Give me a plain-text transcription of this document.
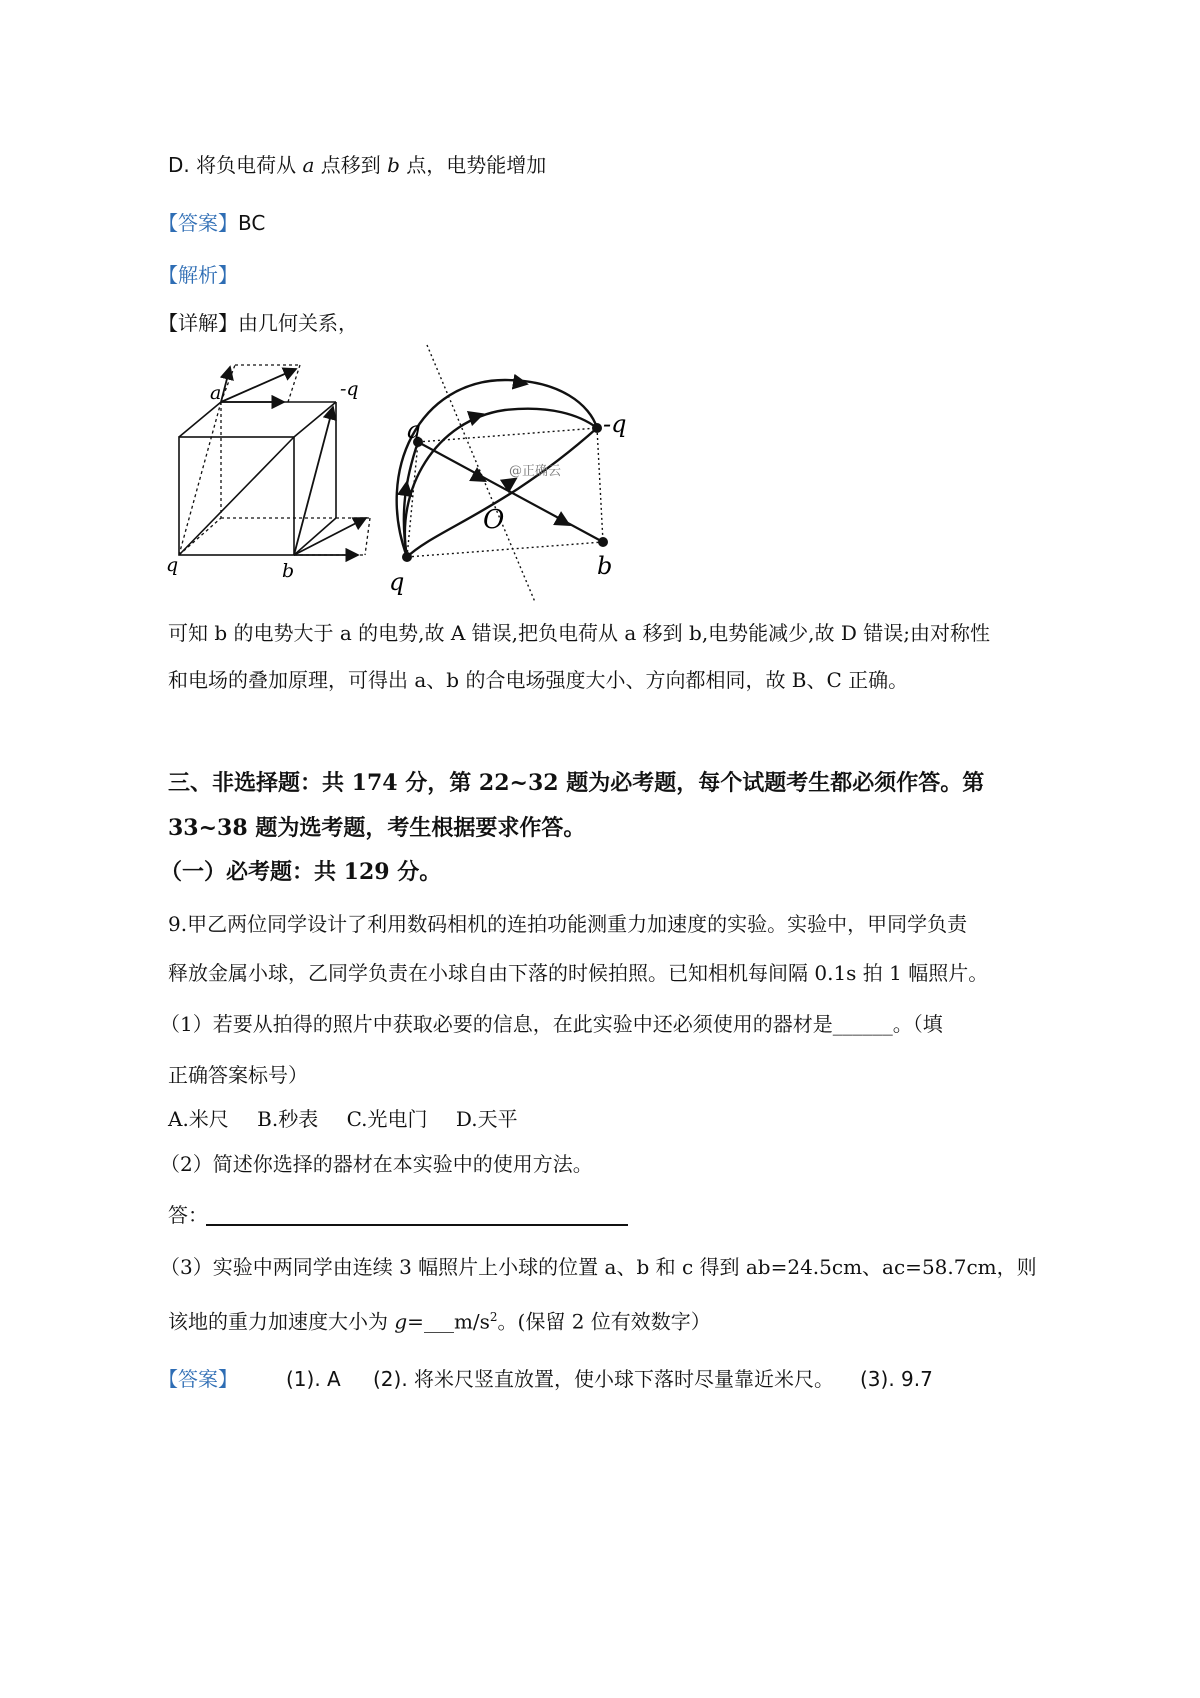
D. 将负电荷从 a 点移到 b 点，电势能增加
【答案】BC
【解析】
【详解】由几何关系，
a	-q
q	b
a	-q
O
q
b
@正确云
可知 b 的电势大于 a 的电势,故 A 错误,把负电荷从 a 移到 b,电势能减少,故 D 错误;由对称性
和电场的叠加原理，可得出 a、b 的合电场强度大小、方向都相同，故 B、C 正确。
三、非选择题：共 174 分，第 22~32 题为必考题，每个试题考生都必须作答。第
33~38 题为选考题，考生根据要求作答。
（一）必考题：共 129 分。
9.甲乙两位同学设计了利用数码相机的连拍功能测重力加速度的实验。实验中，甲同学负责
释放金属小球，乙同学负责在小球自由下落的时候拍照。已知相机每间隔 0.1s 拍 1 幅照片。
（1）若要从拍得的照片中获取必要的信息，在此实验中还必须使用的器材是______。（填
正确答案标号）
A.米尺 B.秒表 C.光电门 D.天平
（2）简述你选择的器材在本实验中的使用方法。
答：
（3）实验中两同学由连续 3 幅照片上小球的位置 a、b 和 c 得到 ab=24.5cm、ac=58.7cm，则
该地的重力加速度大小为 $g=\_\_\_m/s^2$。(保留 2 位有效数字）
【答案】 (1). A (2). 将米尺竖直放置，使小球下落时尽量靠近米尺。 (3). 9.7
